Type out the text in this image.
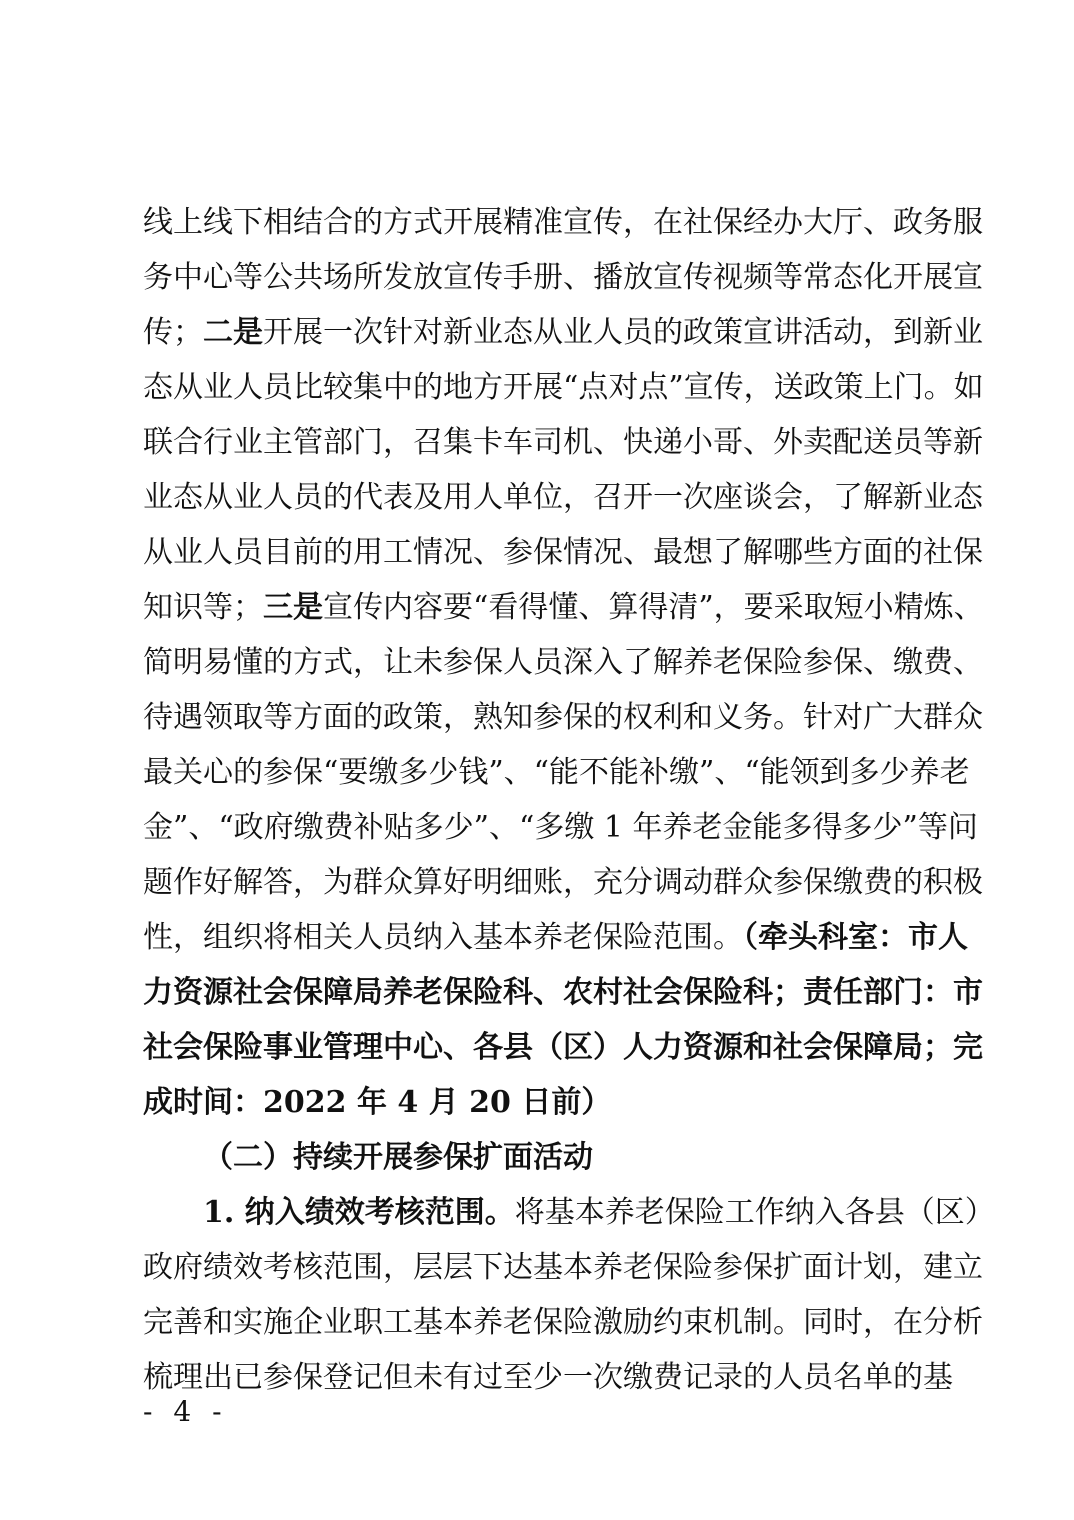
线上线下相结合的方式开展精准宣传，在社保经办大厅、政务服
务中心等公共场所发放宣传手册、播放宣传视频等常态化开展宣
传；二是开展一次针对新业态从业人员的政策宣讲活动，到新业
态从业人员比较集中的地方开展“点对点”宣传，送政策上门。如
联合行业主管部门，召集卡车司机、快递小哥、外卖配送员等新
业态从业人员的代表及用人单位，召开一次座谈会，了解新业态
从业人员目前的用工情况、参保情况、最想了解哪些方面的社保
知识等；三是宣传内容要“看得懂、算得清”，要采取短小精炼、
简明易懂的方式，让未参保人员深入了解养老保险参保、缴费、
待遇领取等方面的政策，熟知参保的权利和义务。针对广大群众
最关心的参保“要缴多少钱”、“能不能补缴”、“能领到多少养老
金”、“政府缴费补贴多少”、“多缴 1 年养老金能多得多少”等问
题作好解答，为群众算好明细账，充分调动群众参保缴费的积极
性，组织将相关人员纳入基本养老保险范围。（牵头科室：市人
力资源社会保障局养老保险科、农村社会保险科；责任部门：市
社会保险事业管理中心、各县（区）人力资源和社会保障局；完
成时间：2022 年 4 月 20 日前）
（二）持续开展参保扩面活动
1. 纳入绩效考核范围。将基本养老保险工作纳入各县（区）
政府绩效考核范围，层层下达基本养老保险参保扩面计划，建立
完善和实施企业职工基本养老保险激励约束机制。同时，在分析
梳理出已参保登记但未有过至少一次缴费记录的人员名单的基
- 4 -
